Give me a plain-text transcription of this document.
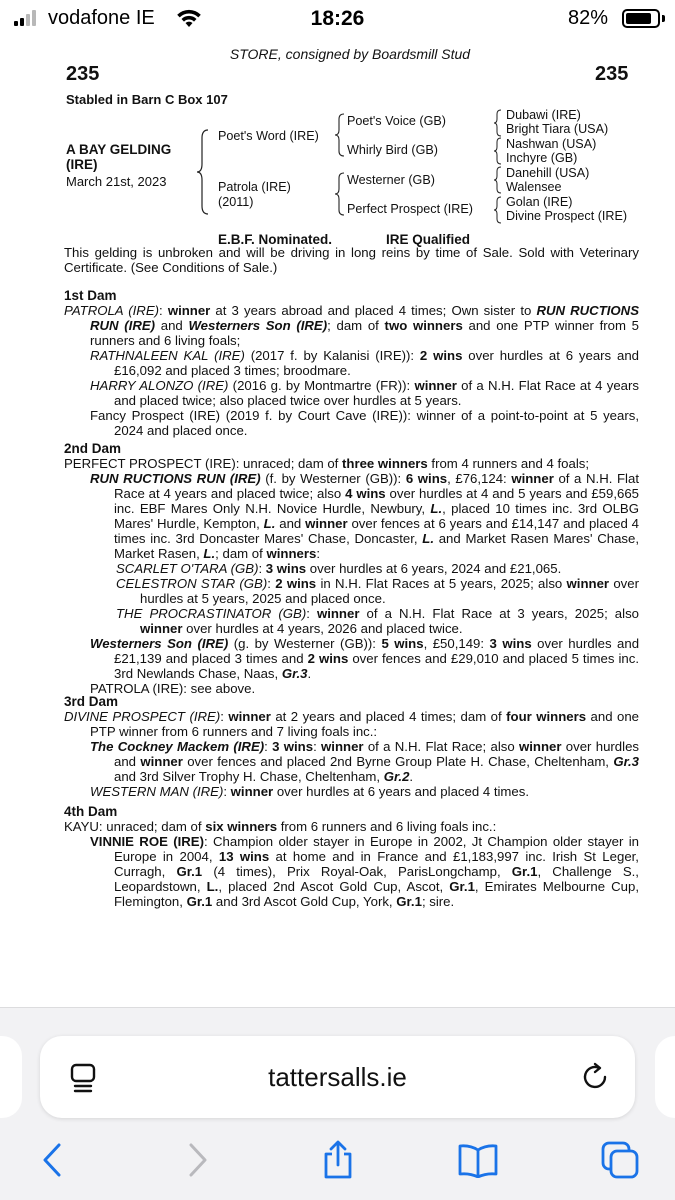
vodafone IE	18:26	82%
STORE, consigned by Boardsmill Stud
235	235
Stabled in Barn C Box 107
A BAY GELDING
(IRE)
March 21st, 2023
Poet's Word (IRE)
Patrola (IRE)
(2011)
Poet's Voice (GB)
Whirly Bird (GB)
Westerner (GB)
Perfect Prospect (IRE)
Dubawi (IRE)
Bright Tiara (USA)
Nashwan (USA)
Inchyre (GB)
Danehill (USA)
Walensee
Golan (IRE)
Divine Prospect (IRE)
E.B.F. Nominated.	IRE Qualified

This gelding is unbroken and will be driving in long reins by time of Sale. Sold with Veterinary Certificate. (See Conditions of Sale.)

1st Dam

PATROLA (IRE): winner at 3 years abroad and placed 4 times; Own sister to RUN RUCTIONS RUN (IRE) and Westerners Son (IRE); dam of two winners and one PTP winner from 5 runners and 6 living foals;

RATHNALEEN KAL (IRE) (2017 f. by Kalanisi (IRE)): 2 wins over hurdles at 6 years and £16,092 and placed 3 times; broodmare.

HARRY ALONZO (IRE) (2016 g. by Montmartre (FR)): winner of a N.H. Flat Race at 4 years and placed twice; also placed twice over hurdles at 5 years.

Fancy Prospect (IRE) (2019 f. by Court Cave (IRE)): winner of a point-to-point at 5 years, 2024 and placed once.

2nd Dam

PERFECT PROSPECT (IRE): unraced; dam of three winners from 4 runners and 4 foals;

RUN RUCTIONS RUN (IRE) (f. by Westerner (GB)): 6 wins, £76,124: winner of a N.H. Flat Race at 4 years and placed twice; also 4 wins over hurdles at 4 and 5 years and £59,665 inc. EBF Mares Only N.H. Novice Hurdle, Newbury, L., placed 10 times inc. 3rd OLBG Mares' Hurdle, Kempton, L. and winner over fences at 6 years and £14,147 and placed 4 times inc. 3rd Doncaster Mares' Chase, Doncaster, L. and Market Rasen Mares' Chase, Market Rasen, L.; dam of winners:

SCARLET O'TARA (GB): 3 wins over hurdles at 6 years, 2024 and £21,065.

CELESTRON STAR (GB): 2 wins in N.H. Flat Races at 5 years, 2025; also winner over hurdles at 5 years, 2025 and placed once.

THE PROCRASTINATOR (GB): winner of a N.H. Flat Race at 3 years, 2025; also winner over hurdles at 4 years, 2026 and placed twice.

Westerners Son (IRE) (g. by Westerner (GB)): 5 wins, £50,149: 3 wins over hurdles and £21,139 and placed 3 times and 2 wins over fences and £29,010 and placed 5 times inc. 3rd Newlands Chase, Naas, Gr.3.

PATROLA (IRE): see above.

3rd Dam

DIVINE PROSPECT (IRE): winner at 2 years and placed 4 times; dam of four winners and one PTP winner from 6 runners and 7 living foals inc.:

The Cockney Mackem (IRE): 3 wins: winner of a N.H. Flat Race; also winner over hurdles and winner over fences and placed 2nd Byrne Group Plate H. Chase, Cheltenham, Gr.3 and 3rd Silver Trophy H. Chase, Cheltenham, Gr.2.

WESTERN MAN (IRE): winner over hurdles at 6 years and placed 4 times.

4th Dam

KAYU: unraced; dam of six winners from 6 runners and 6 living foals inc.:

VINNIE ROE (IRE): Champion older stayer in Europe in 2002, Jt Champion older stayer in Europe in 2004, 13 wins at home and in France and £1,183,997 inc. Irish St Leger, Curragh, Gr.1 (4 times), Prix Royal-Oak, ParisLongchamp, Gr.1, Challenge S., Leopardstown, L., placed 2nd Ascot Gold Cup, Ascot, Gr.1, Emirates Melbourne Cup, Flemington, Gr.1 and 3rd Ascot Gold Cup, York, Gr.1; sire.

tattersalls.ie
